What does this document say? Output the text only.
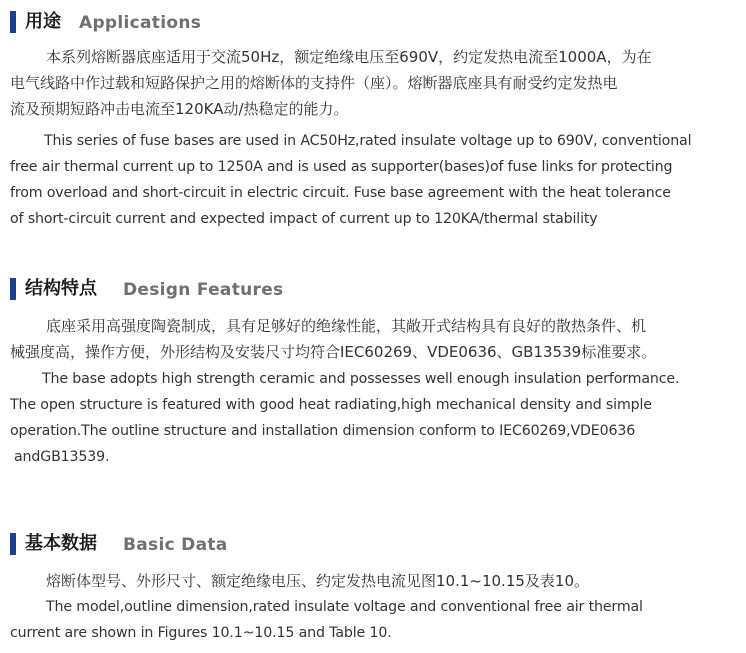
用途 Applications

本系列熔断器底座适用于交流50Hz，额定绝缘电压至690V，约定发热电流至1000A，为在
电气线路中作过载和短路保护之用的熔断体的支持件（座）。熔断器底座具有耐受约定发热电
流及预期短路冲击电流至120KA动/热稳定的能力。

This series of fuse bases are used in AC50Hz,rated insulate voltage up to 690V, conventional
free air thermal current up to 1250A and is used as supporter(bases)of fuse links for protecting
from overload and short-circuit in electric circuit. Fuse base agreement with the heat tolerance
of short-circuit current and expected impact of current up to 120KA/thermal stability

结构特点 Design Features

底座采用高强度陶瓷制成，具有足够好的绝缘性能，其敞开式结构具有良好的散热条件、机
械强度高，操作方便，外形结构及安装尺寸均符合IEC60269、VDE0636、GB13539标准要求。

The base adopts high strength ceramic and possesses well enough insulation performance.
The open structure is featured with good heat radiating,high mechanical density and simple
operation.The outline structure and installation dimension conform to IEC60269,VDE0636
andGB13539.

基本数据 Basic Data

熔断体型号、外形尺寸、额定绝缘电压、约定发热电流见图10.1~10.15及表10。

The model,outline dimension,rated insulate voltage and conventional free air thermal
current are shown in Figures 10.1~10.15 and Table 10.
